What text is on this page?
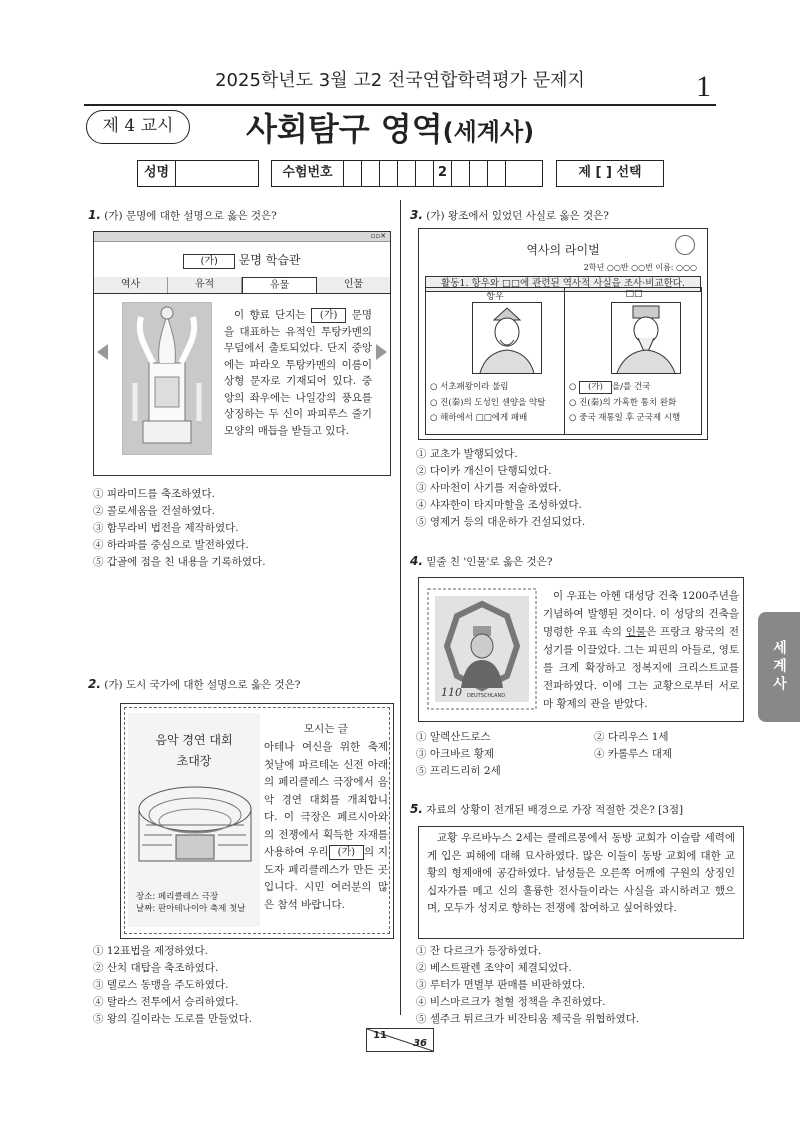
2025학년도 3월 고2 전국연합학력평가 문제지	1
제 4 교시	사회탐구 영역(세계사)
성명	수험번호	2	제 [ ] 선택
1. (가) 문명에 대한 설명으로 옳은 것은?
▫▫✕
(가) 문명 학습관
역사	유적	유물	인물
이 향료 단지는 (가) 문명을 대표하는 유적인 투탕카멘의 무덤에서 출토되었다. 단지 중앙에는 파라오 투탕카멘의 이름이 상형 문자로 기재되어 있다. 중앙의 좌우에는 나일강의 풍요를 상징하는 두 신이 파피루스 줄기 모양의 매듭을 받들고 있다.
① 피라미드를 축조하였다.
② 콜로세움을 건설하였다.
③ 함무라비 법전을 제작하였다.
④ 하라파를 중심으로 발전하였다.
⑤ 갑골에 점을 친 내용을 기록하였다.
2. (가) 도시 국가에 대한 설명으로 옳은 것은?
음악 경연 대회
초대장
장소: 페리클레스 극장
날짜: 판아테나이아 축제 첫날
모시는 글
아테나 여신을 위한 축제 첫날에 파르테논 신전 아래의 페리클레스 극장에서 음악 경연 대회를 개최합니다. 이 극장은 페르시아와의 전쟁에서 획득한 자재를 사용하여 우리 (가) 의 지도자 페리클레스가 만든 곳입니다. 시민 여러분의 많은 참석 바랍니다.
① 12표법을 제정하였다.
② 산치 대탑을 축조하였다.
③ 델로스 동맹을 주도하였다.
④ 탈라스 전투에서 승리하였다.
⑤ 왕의 길이라는 도로를 만들었다.
3. (가) 왕조에서 있었던 사실로 옳은 것은?
역사의 라이벌
2학년 ○○반 ○○번 이름: ○○○
활동1. 항우와 □□에 관련된 역사적 사실을 조사·비교한다.
항우	□□
○ 서초패왕이라 불림
○ 진(秦)의 도성인 셴양을 약탈
○ 해하에서 □□에게 패배
○ (가) 을/를 건국
○ 진(秦)의 가혹한 통치 완화
○ 중국 재통일 후 군국제 시행
① 교초가 발행되었다.
② 다이카 개신이 단행되었다.
③ 사마천이 사기를 저술하였다.
④ 샤자한이 타지마할을 조성하였다.
⑤ 영제거 등의 대운하가 건설되었다.
4. 밑줄 친 '인물'로 옳은 것은?
110 DEUTSCHLAND
이 우표는 아헨 대성당 건축 1200주년을 기념하여 발행된 것이다. 이 성당의 건축을 명령한 우표 속의 인물은 프랑크 왕국의 전성기를 이끌었다. 그는 피핀의 아들로, 영토를 크게 확장하고 정복지에 크리스트교를 전파하였다. 이에 그는 교황으로부터 서로마 황제의 관을 받았다.
① 알렉산드로스	② 다리우스 1세
③ 아크바르 황제	④ 카롤루스 대제
⑤ 프리드리히 2세
5. 자료의 상황이 전개된 배경으로 가장 적절한 것은? [3점]
교황 우르바누스 2세는 클레르몽에서 동방 교회가 이슬람 세력에게 입은 피해에 대해 묘사하였다. 많은 이들이 동방 교회에 대한 교황의 형제애에 공감하였다. 남성들은 오른쪽 어깨에 구원의 상징인 십자가를 메고 신의 훌륭한 전사들이라는 사실을 과시하려고 했으며, 모두가 성지로 향하는 전쟁에 참여하고 싶어하였다.
① 잔 다르크가 등장하였다.
② 베스트팔렌 조약이 체결되었다.
③ 루터가 면벌부 판매를 비판하였다.
④ 비스마르크가 철혈 정책을 추진하였다.
⑤ 셀주크 튀르크가 비잔티움 제국을 위협하였다.
세계사
11
36
